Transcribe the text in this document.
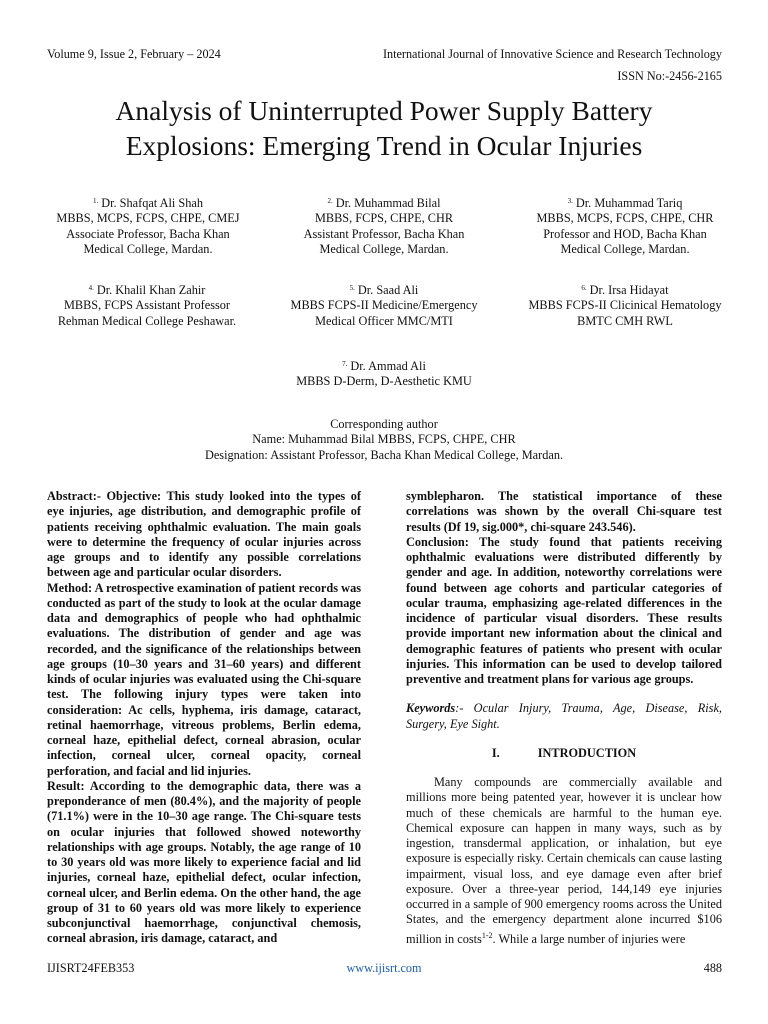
Volume 9, Issue 2, February – 2024	International Journal of Innovative Science and Research Technology
ISSN No:-2456-2165
Analysis of Uninterrupted Power Supply Battery
Explosions: Emerging Trend in Ocular Injuries
$^{1.}$ Dr. Shafqat Ali Shah
MBBS, MCPS, FCPS, CHPE, CMEJ
Associate Professor, Bacha Khan
Medical College, Mardan.
$^{2.}$ Dr. Muhammad Bilal
MBBS, FCPS, CHPE, CHR
Assistant Professor, Bacha Khan
Medical College, Mardan.
$^{3.}$ Dr. Muhammad Tariq
MBBS, MCPS, FCPS, CHPE, CHR
Professor and HOD, Bacha Khan
Medical College, Mardan.
$^{4.}$ Dr. Khalil Khan Zahir
MBBS, FCPS Assistant Professor
Rehman Medical College Peshawar.
$^{5.}$ Dr. Saad Ali
MBBS FCPS-II Medicine/Emergency
Medical Officer MMC/MTI
$^{6.}$ Dr. Irsa Hidayat
MBBS FCPS-II Clicinical Hematology
BMTC CMH RWL
$^{7.}$ Dr. Ammad Ali
MBBS D-Derm, D-Aesthetic KMU
Corresponding author
Name: Muhammad Bilal MBBS, FCPS, CHPE, CHR
Designation: Assistant Professor, Bacha Khan Medical College, Mardan.

Abstract:- Objective: This study looked into the types of eye injuries, age distribution, and demographic profile of patients receiving ophthalmic evaluation. The main goals were to determine the frequency of ocular injuries across age groups and to identify any possible correlations between age and particular ocular disorders.

Method: A retrospective examination of patient records was conducted as part of the study to look at the ocular damage data and demographics of people who had ophthalmic evaluations. The distribution of gender and age was recorded, and the significance of the relationships between age groups (10–30 years and 31–60 years) and different kinds of ocular injuries was evaluated using the Chi-square test. The following injury types were taken into consideration: Ac cells, hyphema, iris damage, cataract, retinal haemorrhage, vitreous problems, Berlin edema, corneal haze, epithelial defect, corneal abrasion, ocular infection, corneal ulcer, corneal opacity, corneal perforation, and facial and lid injuries.

Result: According to the demographic data, there was a preponderance of men (80.4%), and the majority of people (71.1%) were in the 10–30 age range. The Chi-square tests on ocular injuries that followed showed noteworthy relationships with age groups. Notably, the age range of 10 to 30 years old was more likely to experience facial and lid injuries, corneal haze, epithelial defect, ocular infection, corneal ulcer, and Berlin edema. On the other hand, the age group of 31 to 60 years old was more likely to experience subconjunctival haemorrhage, conjunctival chemosis, corneal abrasion, iris damage, cataract, and

symblepharon. The statistical importance of these correlations was shown by the overall Chi-square test results (Df 19, sig.000*, chi-square 243.546).

Conclusion: The study found that patients receiving ophthalmic evaluations were distributed differently by gender and age. In addition, noteworthy correlations were found between age cohorts and particular categories of ocular trauma, emphasizing age-related differences in the incidence of particular visual disorders. These results provide important new information about the clinical and demographic features of patients who present with ocular injuries. This information can be used to develop tailored preventive and treatment plans for various age groups.

Keywords:- Ocular Injury, Trauma, Age, Disease, Risk, Surgery, Eye Sight.

I.	INTRODUCTION

Many compounds are commercially available and millions more being patented year, however it is unclear how much of these chemicals are harmful to the human eye. Chemical exposure can happen in many ways, such as by ingestion, transdermal application, or inhalation, but eye exposure is especially risky. Certain chemicals can cause lasting impairment, visual loss, and eye damage even after brief exposure. Over a three-year period, 144,149 eye injuries occurred in a sample of 900 emergency rooms across the United States, and the emergency department alone incurred $106 million in costs$^{1-2}$. While a large number of injuries were

IJISRT24FEB353	www.ijisrt.com	488
